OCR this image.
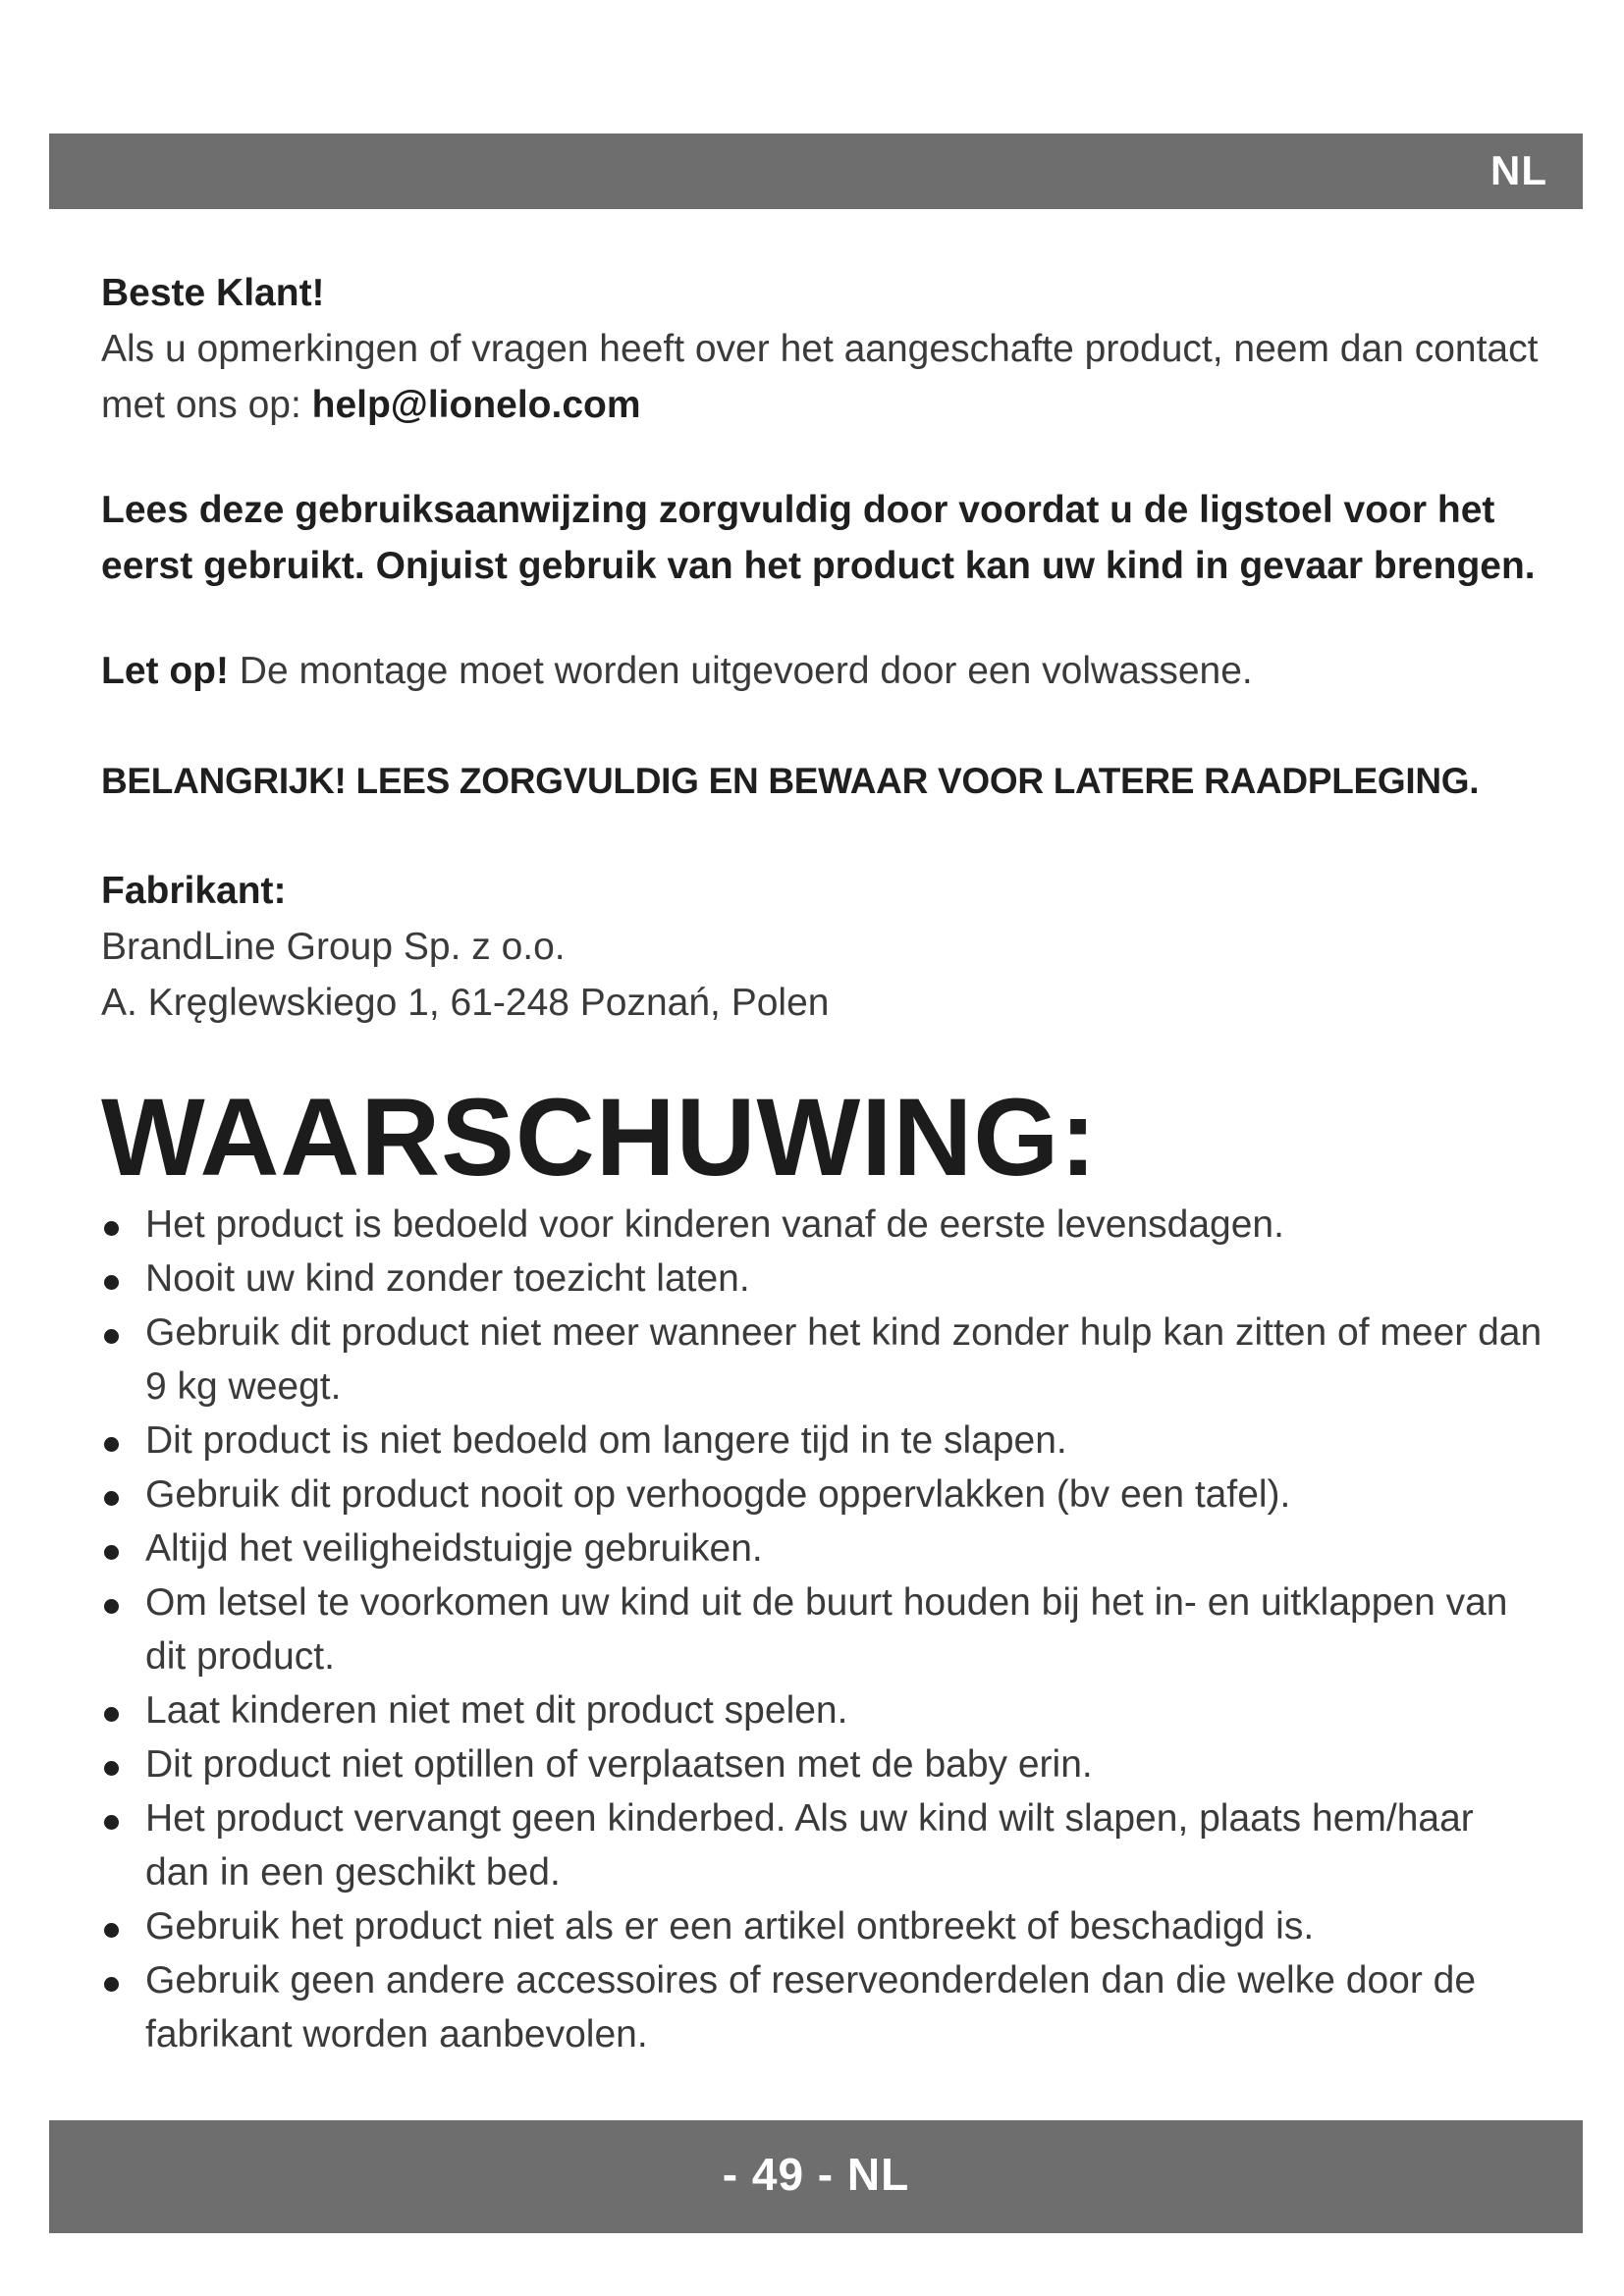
NL

Beste Klant!

Als u opmerkingen of vragen heeft over het aangeschafte product, neem dan contact met ons op: help@lionelo.com

Lees deze gebruiksaanwijzing zorgvuldig door voordat u de ligstoel voor het eerst gebruikt. Onjuist gebruik van het product kan uw kind in gevaar brengen.

Let op! De montage moet worden uitgevoerd door een volwassene.

BELANGRIJK! LEES ZORGVULDIG EN BEWAAR VOOR LATERE RAADPLEGING.

Fabrikant:

BrandLine Group Sp. z o.o.

A. Kręglewskiego 1, 61-248 Poznań, Polen

WAARSCHUWING:
Het product is bedoeld voor kinderen vanaf de eerste levensdagen.
Nooit uw kind zonder toezicht laten.
Gebruik dit product niet meer wanneer het kind zonder hulp kan zitten of meer dan 9 kg weegt.
Dit product is niet bedoeld om langere tijd in te slapen.
Gebruik dit product nooit op verhoogde oppervlakken (bv een tafel).
Altijd het veiligheidstuigje gebruiken.
Om letsel te voorkomen uw kind uit de buurt houden bij het in- en uitklappen van dit product.
Laat kinderen niet met dit product spelen.
Dit product niet optillen of verplaatsen met de baby erin.
Het product vervangt geen kinderbed. Als uw kind wilt slapen, plaats hem/haar dan in een geschikt bed.
Gebruik het product niet als er een artikel ontbreekt of beschadigd is.
Gebruik geen andere accessoires of reserveonderdelen dan die welke door de fabrikant worden aanbevolen.
- 49 - NL
